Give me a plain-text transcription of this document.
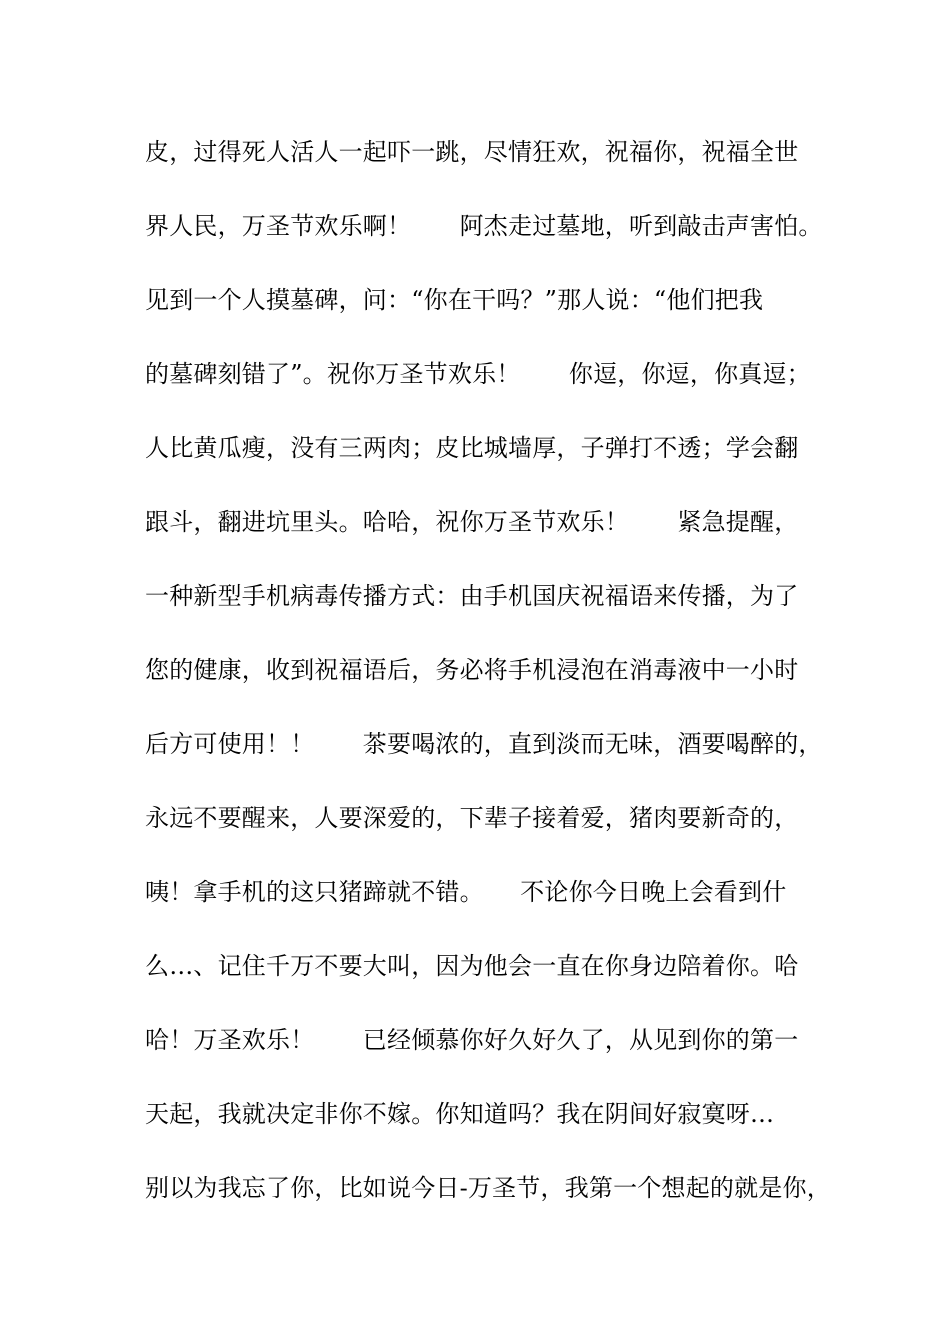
皮，过得死人活人一起吓一跳，尽情狂欢，祝福你，祝福全世
界人民，万圣节欢乐啊！　　阿杰走过墓地，听到敲击声害怕。
见到一个人摸墓碑，问：“你在干吗？”那人说：“他们把我
的墓碑刻错了”。祝你万圣节欢乐！　　你逗，你逗，你真逗；
人比黄瓜瘦，没有三两肉；皮比城墙厚，子弹打不透；学会翻
跟斗，翻进坑里头。哈哈，祝你万圣节欢乐！　　紧急提醒，
一种新型手机病毒传播方式：由手机国庆祝福语来传播，为了
您的健康，收到祝福语后，务必将手机浸泡在消毒液中一小时
后方可使用！！　　茶要喝浓的，直到淡而无味，酒要喝醉的，
永远不要醒来，人要深爱的，下辈子接着爱，猪肉要新奇的，
咦！拿手机的这只猪蹄就不错。　　不论你今日晚上会看到什
么…、记住千万不要大叫，因为他会一直在你身边陪着你。哈
哈！万圣欢乐！　　已经倾慕你好久好久了，从见到你的第一
天起，我就决定非你不嫁。你知道吗？我在阴间好寂寞呀…
别以为我忘了你，比如说今日-万圣节，我第一个想起的就是你，
